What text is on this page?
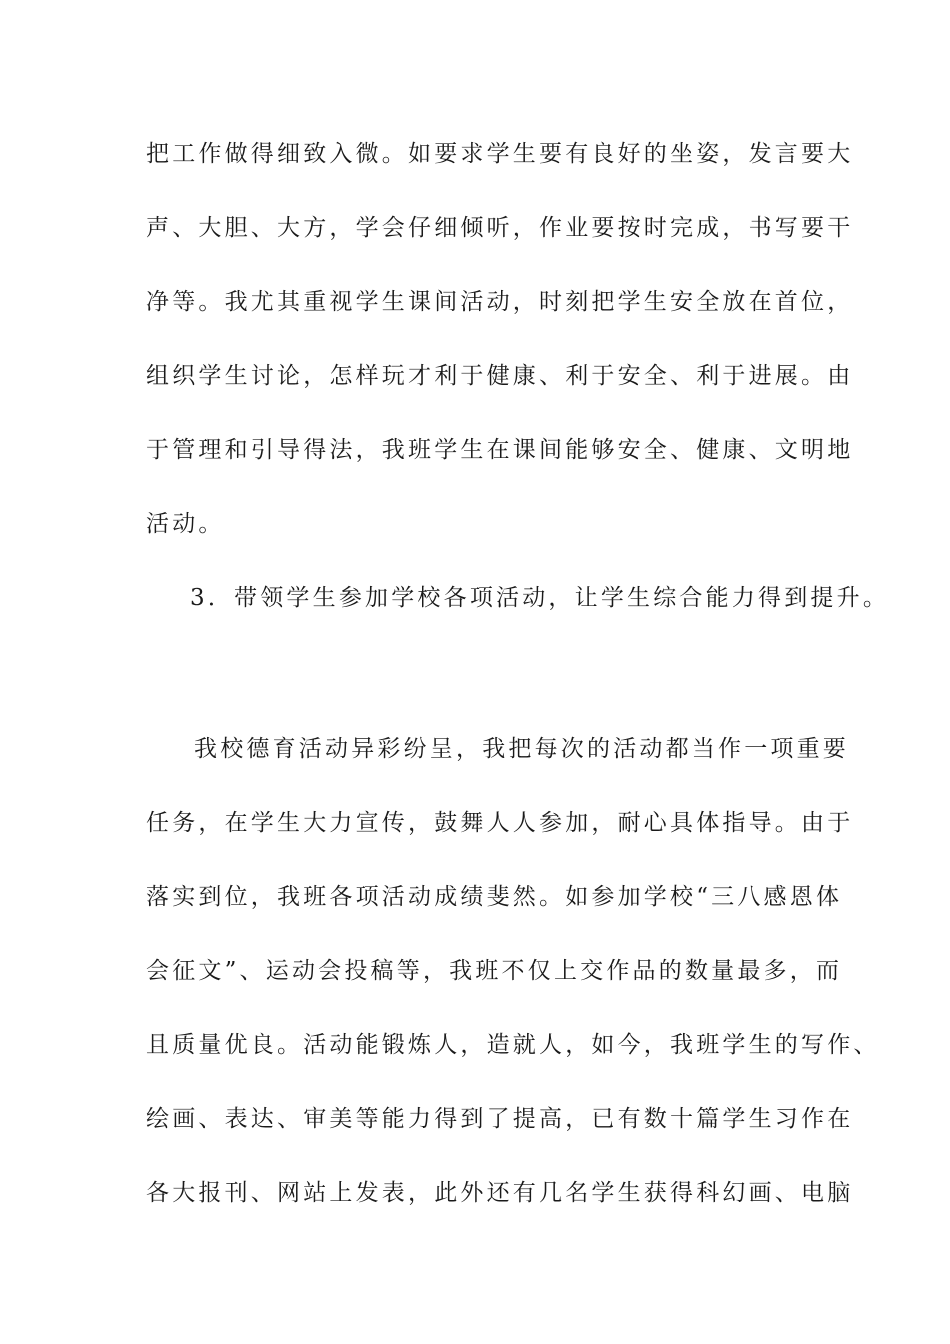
把工作做得细致入微。如要求学生要有良好的坐姿，发言要大
声、大胆、大方，学会仔细倾听，作业要按时完成，书写要干
净等。我尤其重视学生课间活动，时刻把学生安全放在首位，
组织学生讨论，怎样玩才利于健康、利于安全、利于进展。由
于管理和引导得法，我班学生在课间能够安全、健康、文明地
活动。
3．带领学生参加学校各项活动，让学生综合能力得到提升。
我校德育活动异彩纷呈，我把每次的活动都当作一项重要
任务，在学生大力宣传，鼓舞人人参加，耐心具体指导。由于
落实到位，我班各项活动成绩斐然。如参加学校“三八感恩体
会征文”、运动会投稿等，我班不仅上交作品的数量最多，而
且质量优良。活动能锻炼人，造就人，如今，我班学生的写作、
绘画、表达、审美等能力得到了提高，已有数十篇学生习作在
各大报刊、网站上发表，此外还有几名学生获得科幻画、电脑
